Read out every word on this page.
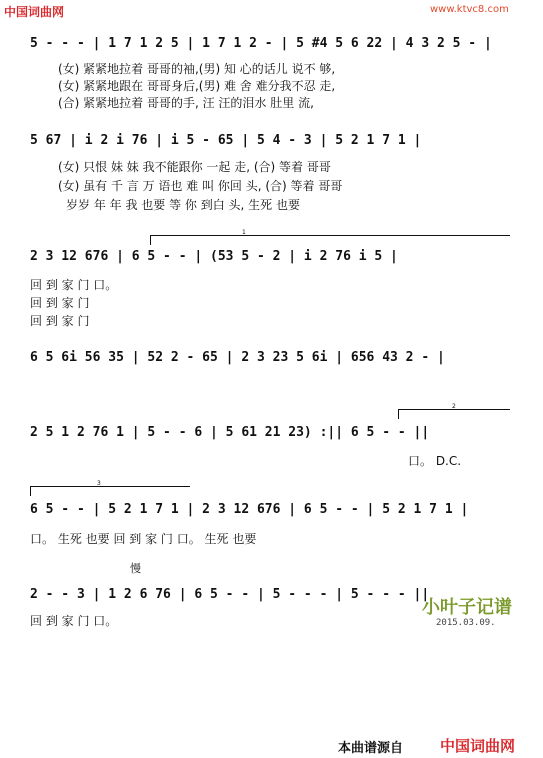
中国词曲网	www.ktvc8.com
5 - - - | 1 7 1 2 5 | 1 7 1 2 - | 5 #4 5 6 22 | 4 3 2 5 - |
(女) 紧紧地拉着 哥哥的袖,(男) 知 心的话儿 说不 够,
(女) 紧紧地跟在 哥哥身后,(男) 难 舍 难分我不忍 走,
(合) 紧紧地拉着 哥哥的手, 汪 汪的泪水 肚里 流,
5 67 | i 2 i 76 | i 5 - 65 | 5 4 - 3 | 5 2 1 7 1 |
(女) 只恨 妹 妹 我不能跟你 一起 走, (合) 等着 哥哥
(女) 虽有 千 言 万 语也 难 叫 你回 头, (合) 等着 哥哥
岁岁 年 年 我 也要 等 你 到白 头, 生死 也要
1
2 3 12 676 | 6 5 - - | (53 5 - 2 | i 2 76 i 5 |
回 到 家 门 口。
回 到 家 门
回 到 家 门
6 5 6i 56 35 | 52 2 - 65 | 2 3 23 5 6i | 656 43 2 - |
2
2 5 1 2 76 1 | 5 - - 6 | 5 61 21 23) :|| 6 5 - - ||
口。 D.C.
3
6 5 - - | 5 2 1 7 1 | 2 3 12 676 | 6 5 - - | 5 2 1 7 1 |
口。 生死 也要 回 到 家 门 口。 生死 也要
慢
2 - - 3 | 1 2 6 76 | 6 5 - - | 5 - - - | 5 - - - ||
回 到 家 门 口。
小叶子记谱
2015.03.09.
本曲谱源自 中国词曲网
